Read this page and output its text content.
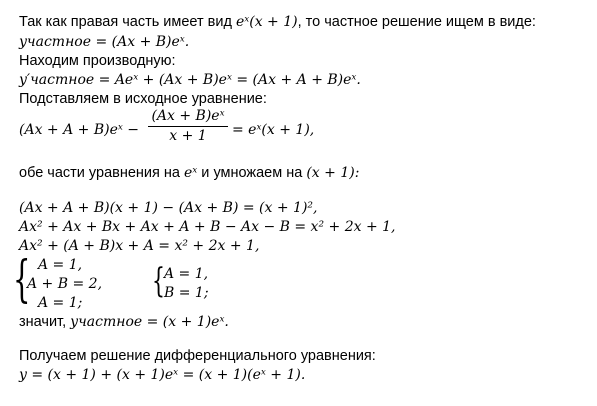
Так как правая часть имеет вид eˣ(x + 1), то частное решение ищем в виде:
yчастное = (Ax + B)eˣ.
Находим производную:
y′частное = Aeˣ + (Ax + B)eˣ = (Ax + A + B)eˣ.
Подставляем в исходное уравнение:
(Ax + A + B)eˣ −
(Ax + B)eˣ
x + 1	= eˣ(x + 1),
обе части уравнения на eˣ и умножаем на (x + 1):
(Ax + A + B)(x + 1) − (Ax + B) = (x + 1)²,
Ax² + Ax + Bx + Ax + A + B − Ax − B = x² + 2x + 1,
Ax² + (A + B)x + A = x² + 2x + 1,
{ A = 1,
A + B = 2,
A = 1;
{ A = 1,
B = 1;
значит, yчастное = (x + 1)eˣ.
Получаем решение дифференциального уравнения:
y = (x + 1) + (x + 1)eˣ = (x + 1)(eˣ + 1).
